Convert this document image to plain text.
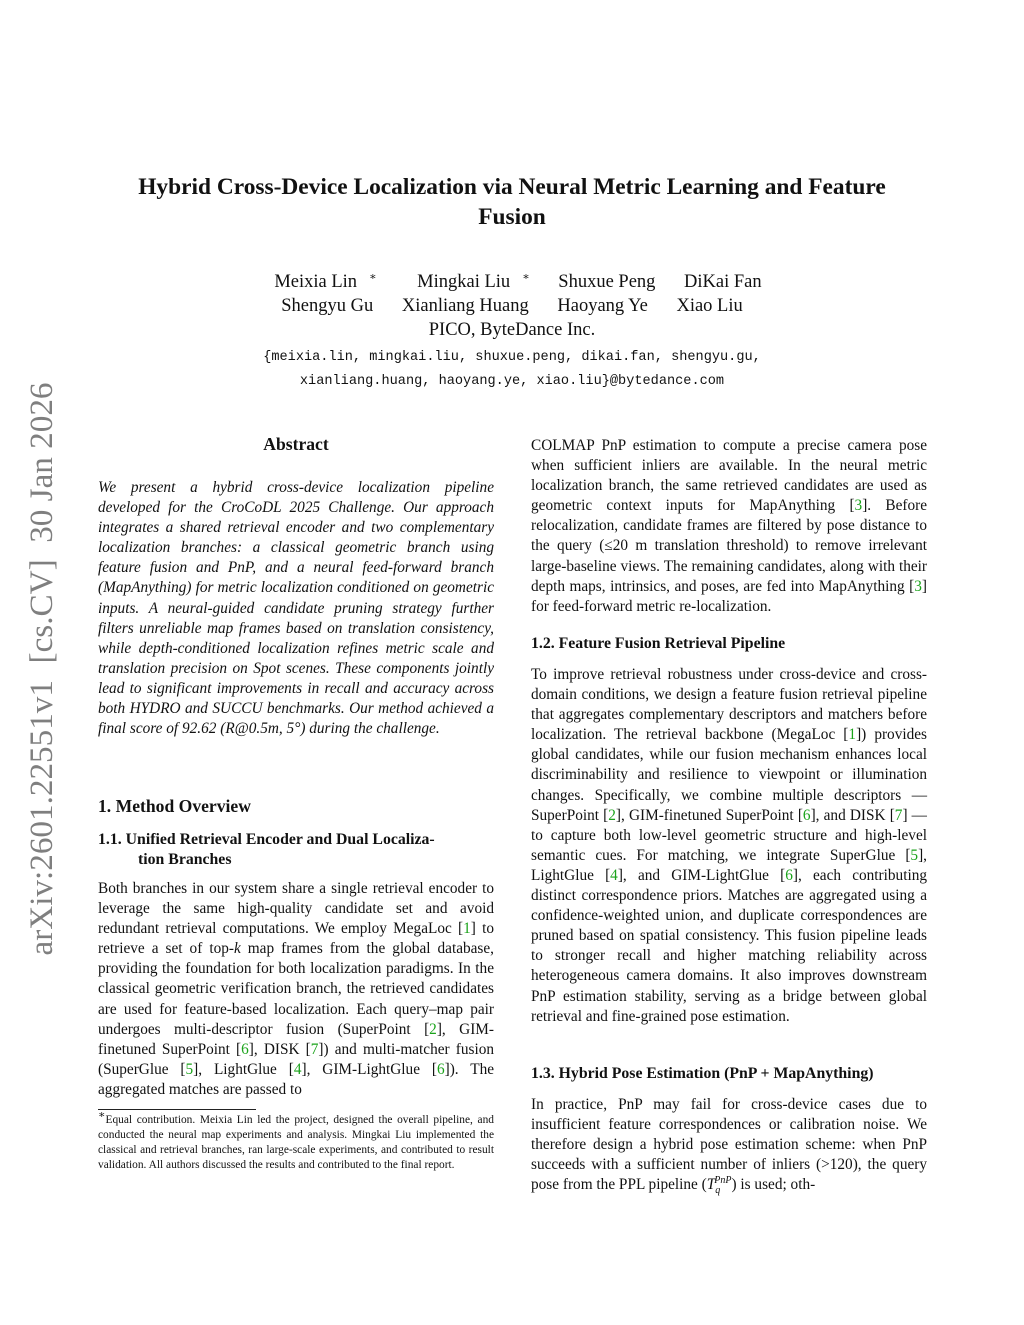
arXiv:2601.22551v1  [cs.CV]  30 Jan 2026
Hybrid Cross-Device Localization via Neural Metric Learning and Feature Fusion
Meixia Lin ∗ Mingkai Liu ∗ Shuxue Peng DiKai Fan
Shengyu Gu Xianliang Huang Haoyang Ye Xiao Liu
PICO, ByteDance Inc.
{meixia.lin, mingkai.liu, shuxue.peng, dikai.fan, shengyu.gu,
xianliang.huang, haoyang.ye, xiao.liu}@bytedance.com
Abstract
We present a hybrid cross-device localization pipeline developed for the CroCoDL 2025 Challenge. Our approach integrates a shared retrieval encoder and two complementary localization branches: a classical geometric branch using feature fusion and PnP, and a neural feed-forward branch (MapAnything) for metric localization conditioned on geometric inputs. A neural-guided candidate pruning strategy further filters unreliable map frames based on translation consistency, while depth-conditioned localization refines metric scale and translation precision on Spot scenes. These components jointly lead to significant improvements in recall and accuracy across both HYDRO and SUCCU benchmarks. Our method achieved a final score of 92.62 (R@0.5m, 5°) during the challenge.
1. Method Overview
1.1. Unified Retrieval Encoder and Dual Localiza-
tion Branches

Both branches in our system share a single retrieval encoder to leverage the same high-quality candidate set and avoid redundant retrieval computations. We employ MegaLoc [1] to retrieve a set of top-k map frames from the global database, providing the foundation for both localization paradigms. In the classical geometric verification branch, the retrieved candidates are used for feature-based localization. Each query–map pair undergoes multi-descriptor fusion (SuperPoint [2], GIM-finetuned SuperPoint [6], DISK [7]) and multi-matcher fusion (SuperGlue [5], LightGlue [4], GIM-LightGlue [6]). The aggregated matches are passed to

∗Equal contribution. Meixia Lin led the project, designed the overall pipeline, and conducted the neural map experiments and analysis. Mingkai Liu implemented the classical and retrieval branches, ran large-scale experiments, and contributed to result validation. All authors discussed the results and contributed to the final report.

COLMAP PnP estimation to compute a precise camera pose when sufficient inliers are available. In the neural metric localization branch, the same retrieved candidates are used as geometric context inputs for MapAnything [3]. Before relocalization, candidate frames are filtered by pose distance to the query (≤20 m translation threshold) to remove irrelevant large-baseline views. The remaining candidates, along with their depth maps, intrinsics, and poses, are fed into MapAnything [3] for feed-forward metric re-localization.

1.2. Feature Fusion Retrieval Pipeline

To improve retrieval robustness under cross-device and cross-domain conditions, we design a feature fusion retrieval pipeline that aggregates complementary descriptors and matchers before localization. The retrieval backbone (MegaLoc [1]) provides global candidates, while our fusion mechanism enhances local discriminability and resilience to viewpoint or illumination changes. Specifically, we combine multiple descriptors — SuperPoint [2], GIM-finetuned SuperPoint [6], and DISK [7] — to capture both low-level geometric structure and high-level semantic cues. For matching, we integrate SuperGlue [5], LightGlue [4], and GIM-LightGlue [6], each contributing distinct correspondence priors. Matches are aggregated using a confidence-weighted union, and duplicate correspondences are pruned based on spatial consistency. This fusion pipeline leads to stronger recall and higher matching reliability across heterogeneous camera domains. It also improves downstream PnP estimation stability, serving as a bridge between global retrieval and fine-grained pose estimation.

1.3. Hybrid Pose Estimation (PnP + MapAnything)

In practice, PnP may fail for cross-device cases due to insufficient feature correspondences or calibration noise. We therefore design a hybrid pose estimation scheme: when PnP succeeds with a sufficient number of inliers (>120), the query pose from the PPL pipeline $(T_q^{PnP})$ is used; oth-
